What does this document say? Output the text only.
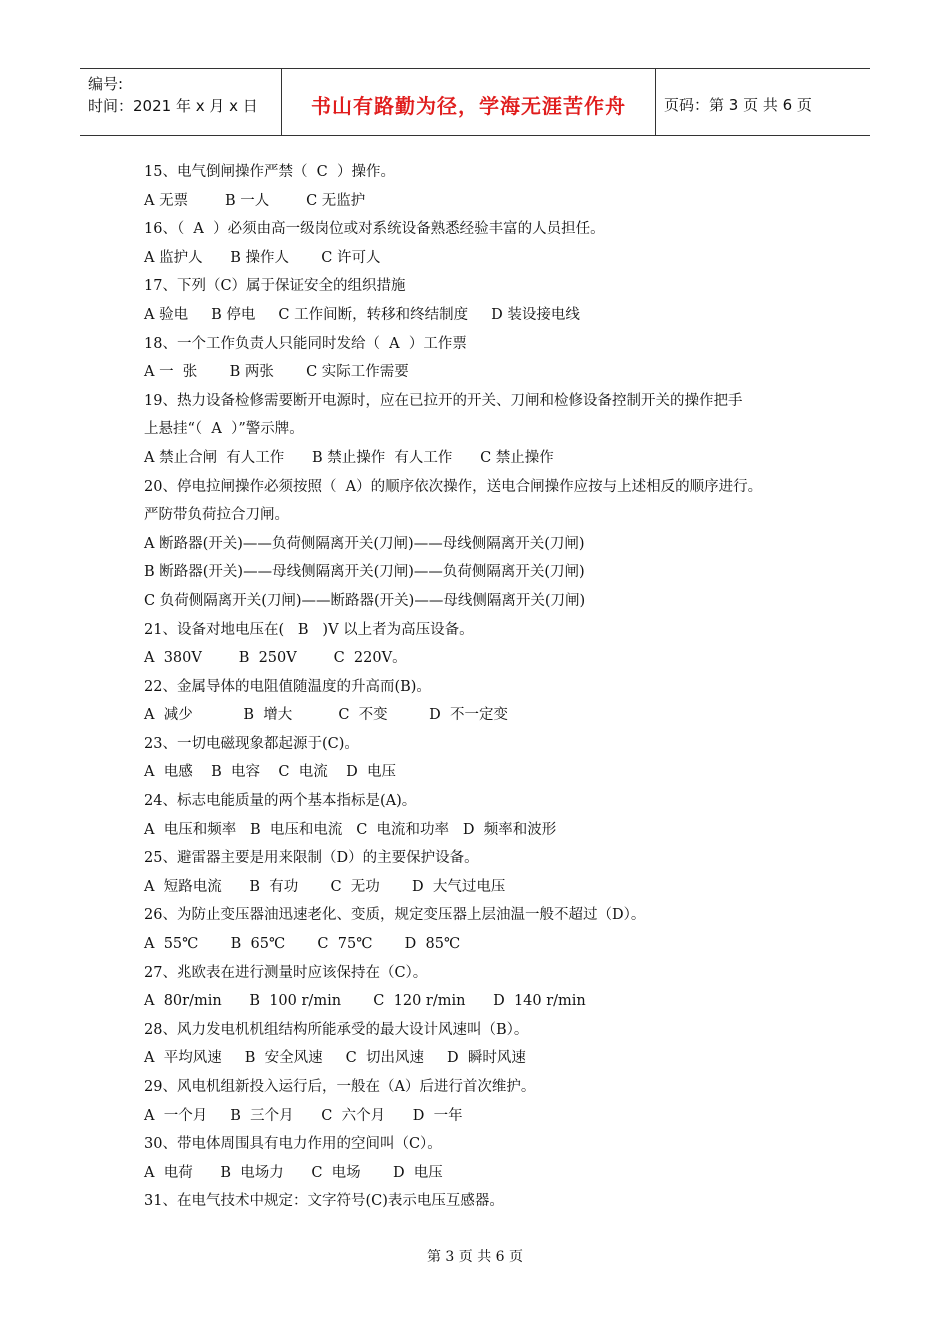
编号:
时间：2021 年 x 月 x 日	书山有路勤为径，学海无涯苦作舟	页码：第 3 页 共 6 页
15、电气倒闸操作严禁（  C  ）操作。
A 无票        B 一人        C 无监护
16、（  A  ）必须由高一级岗位或对系统设备熟悉经验丰富的人员担任。
A 监护人      B 操作人       C 许可人
17、下列（C）属于保证安全的组织措施
A 验电     B 停电     C 工作间断，转移和终结制度     D 装设接电线
18、一个工作负责人只能同时发给（  A  ）工作票
A 一  张       B 两张       C 实际工作需要
19、热力设备检修需要断开电源时，应在已拉开的开关、刀闸和检修设备控制开关的操作把手
上悬挂“（  A  ）”警示牌。
A 禁止合闸  有人工作      B 禁止操作  有人工作      C 禁止操作
20、停电拉闸操作必须按照（  A）的顺序依次操作，送电合闸操作应按与上述相反的顺序进行。
严防带负荷拉合刀闸。
A 断路器(开关)——负荷侧隔离开关(刀闸)——母线侧隔离开关(刀闸)
B 断路器(开关)——母线侧隔离开关(刀闸)——负荷侧隔离开关(刀闸)
C 负荷侧隔离开关(刀闸)——断路器(开关)——母线侧隔离开关(刀闸)
21、设备对地电压在(   B   )V 以上者为高压设备。
A  380V        B  250V        C  220V。
22、金属导体的电阻值随温度的升高而(B)。
A  减少           B  增大          C  不变         D  不一定变
23、一切电磁现象都起源于(C)。
A  电感    B  电容    C  电流    D  电压
24、标志电能质量的两个基本指标是(A)。
A  电压和频率   B  电压和电流   C  电流和功率   D  频率和波形
25、避雷器主要是用来限制（D）的主要保护设备。
A  短路电流      B  有功       C  无功       D  大气过电压
26、为防止变压器油迅速老化、变质，规定变压器上层油温一般不超过（D）。
A  55℃       B  65℃       C  75℃       D  85℃
27、兆欧表在进行测量时应该保持在（C）。
A  80r/min      B  100 r/min       C  120 r/min      D  140 r/min
28、风力发电机机组结构所能承受的最大设计风速叫（B）。
A  平均风速     B  安全风速     C  切出风速     D  瞬时风速
29、风电机组新投入运行后，一般在（A）后进行首次维护。
A  一个月     B  三个月      C  六个月      D  一年
30、带电体周围具有电力作用的空间叫（C）。
A  电荷      B  电场力      C  电场       D  电压
31、在电气技术中规定：文字符号(C)表示电压互感器。
第 3 页 共 6 页
